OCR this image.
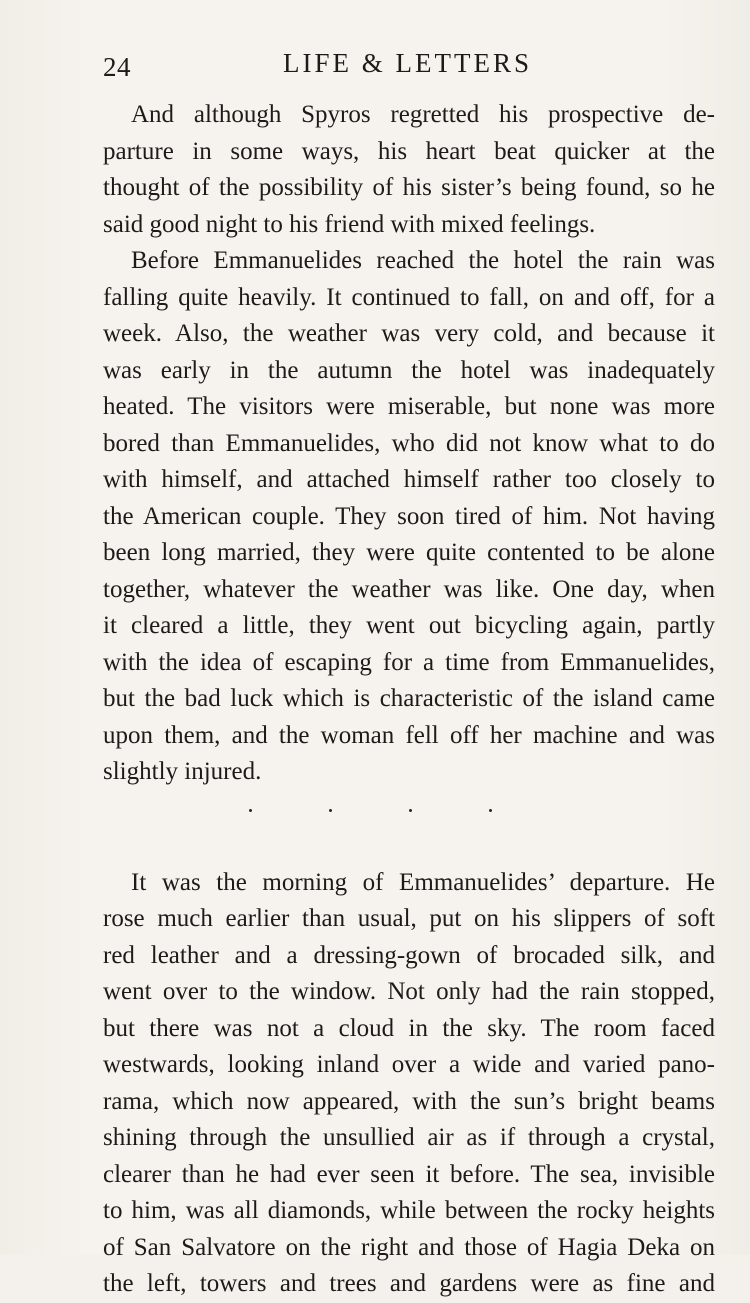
24	LIFE & LETTERS
And although Spyros regretted his prospective de-
parture in some ways, his heart beat quicker at the
thought of the possibility of his sister’s being found, so he
said good night to his friend with mixed feelings.
Before Emmanuelides reached the hotel the rain was
falling quite heavily. It continued to fall, on and off, for a
week. Also, the weather was very cold, and because it
was early in the autumn the hotel was inadequately
heated. The visitors were miserable, but none was more
bored than Emmanuelides, who did not know what to do
with himself, and attached himself rather too closely to
the American couple. They soon tired of him. Not having
been long married, they were quite contented to be alone
together, whatever the weather was like. One day, when
it cleared a little, they went out bicycling again, partly
with the idea of escaping for a time from Emmanuelides,
but the bad luck which is characteristic of the island came
upon them, and the woman fell off her machine and was
slightly injured.
It was the morning of Emmanuelides’ departure. He
rose much earlier than usual, put on his slippers of soft
red leather and a dressing-gown of brocaded silk, and
went over to the window. Not only had the rain stopped,
but there was not a cloud in the sky. The room faced
westwards, looking inland over a wide and varied pano-
rama, which now appeared, with the sun’s bright beams
shining through the unsullied air as if through a crystal,
clearer than he had ever seen it before. The sea, invisible
to him, was all diamonds, while between the rocky heights
of San Salvatore on the right and those of Hagia Deka on
the left, towers and trees and gardens were as fine and
